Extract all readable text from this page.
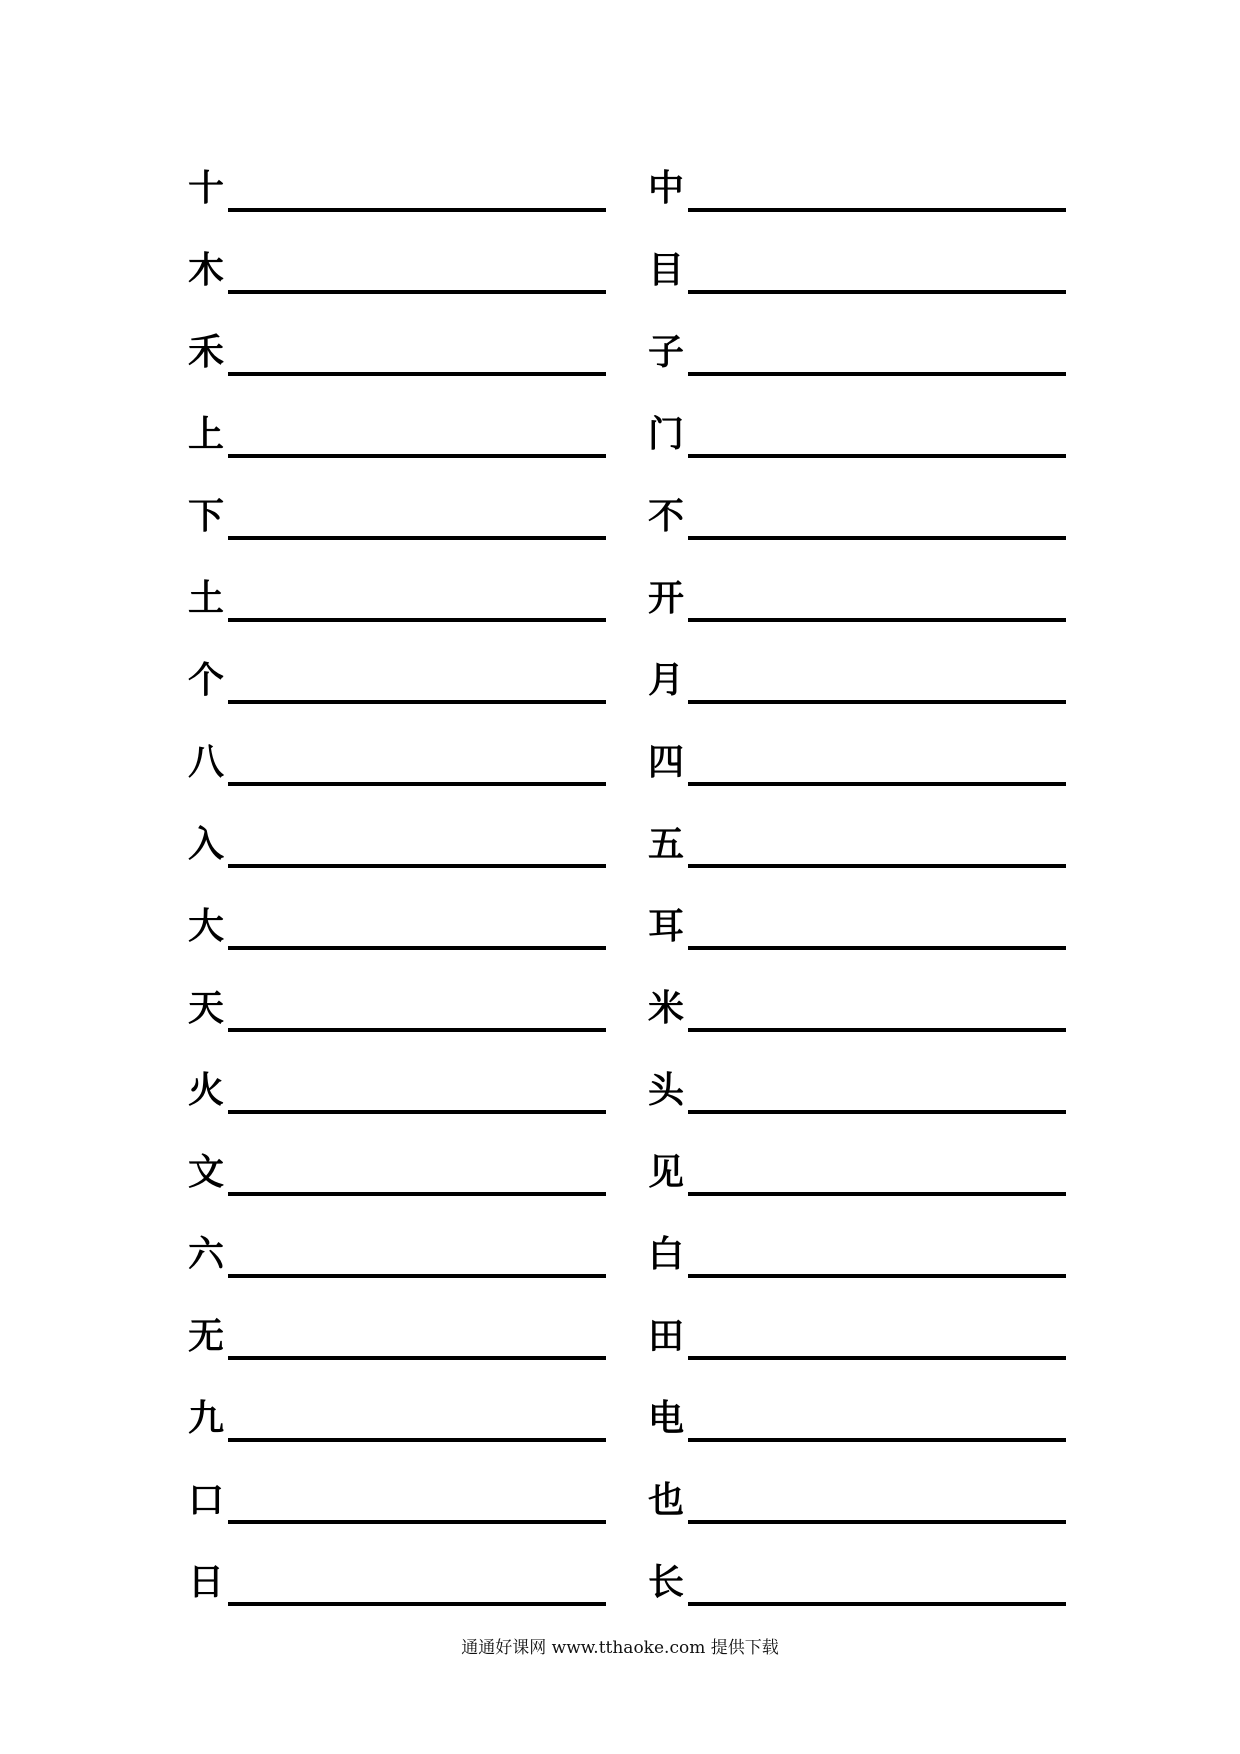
十
木
禾
上
下
土
个
八
入
大
天
火
文
六
无
九
口
日
中
目
子
门
不
开
月
四
五
耳
米
头
见
白
田
电
也
长
通通好课网 www.tthaoke.com 提供下载
